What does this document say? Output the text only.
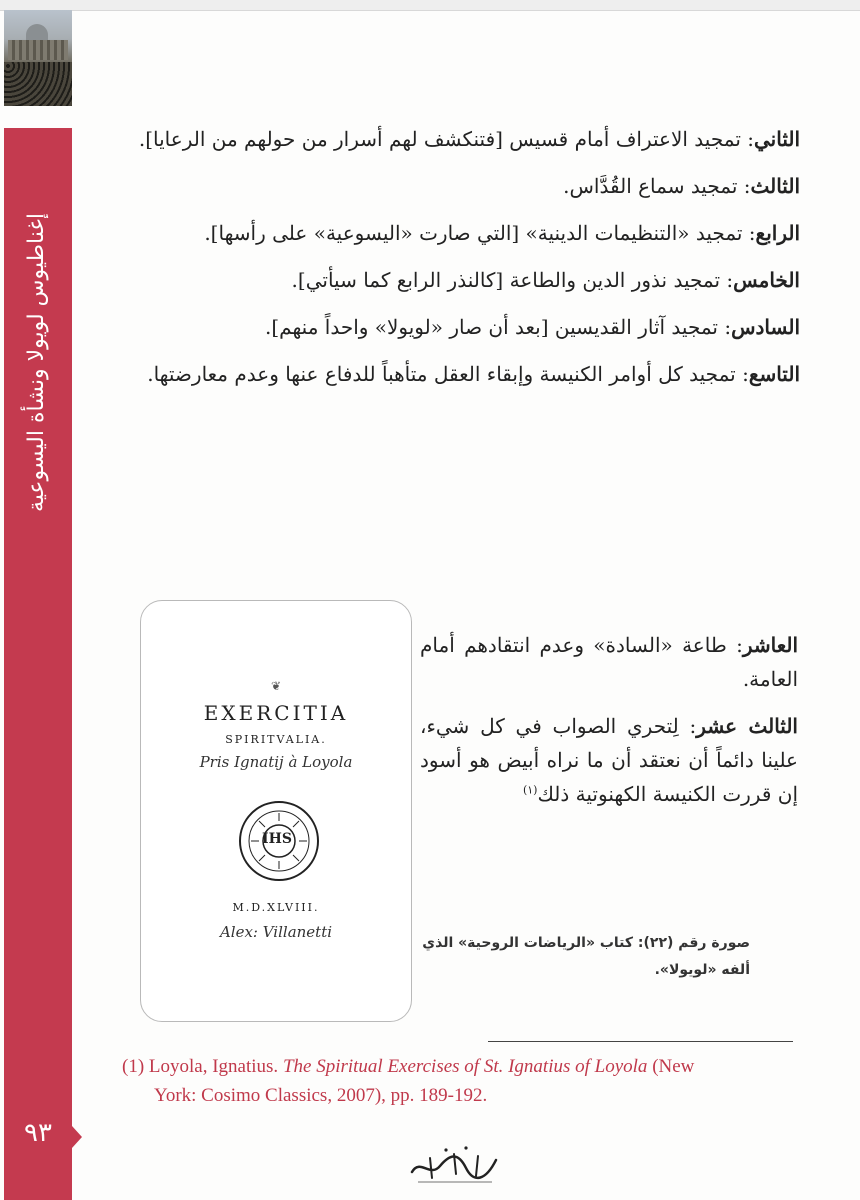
إغناطيوس لويولا ونشأة اليسوعية
٩٣

الثاني: تمجيد الاعتراف أمام قسيس [فتنكشف لهم أسرار من حولهم من الرعايا].

الثالث: تمجيد سماع القُدَّاس.

الرابع: تمجيد «التنظيمات الدينية» [التي صارت «اليسوعية» على رأسها].

الخامس: تمجيد نذور الدين والطاعة [كالنذر الرابع كما سيأتي].

السادس: تمجيد آثار القديسين [بعد أن صار «لويولا» واحداً منهم].

التاسع: تمجيد كل أوامر الكنيسة وإبقاء العقل متأهباً للدفاع عنها وعدم معارضتها.

العاشر: طاعة «السادة» وعدم انتقادهم أمام العامة.

الثالث عشر: لِتحري الصواب في كل شيء، علينا دائماً أن نعتقد أن ما نراه أبيض هو أسود إن قررت الكنيسة الكهنوتية ذلك$^{(١)}$

صورة رقم (٢٢): كتاب «الرياضات الروحية» الذي ألفه «لويولا».
❦
EXERCITIA
SPIRITVALIA.
Pris Ignatij à Loyola
IHS
M.D.XLVIII.
Alex: Villanetti
(1) Loyola, Ignatius. The Spiritual Exercises of St. Ignatius of Loyola (New
York: Cosimo Classics, 2007), pp. 189-192.
